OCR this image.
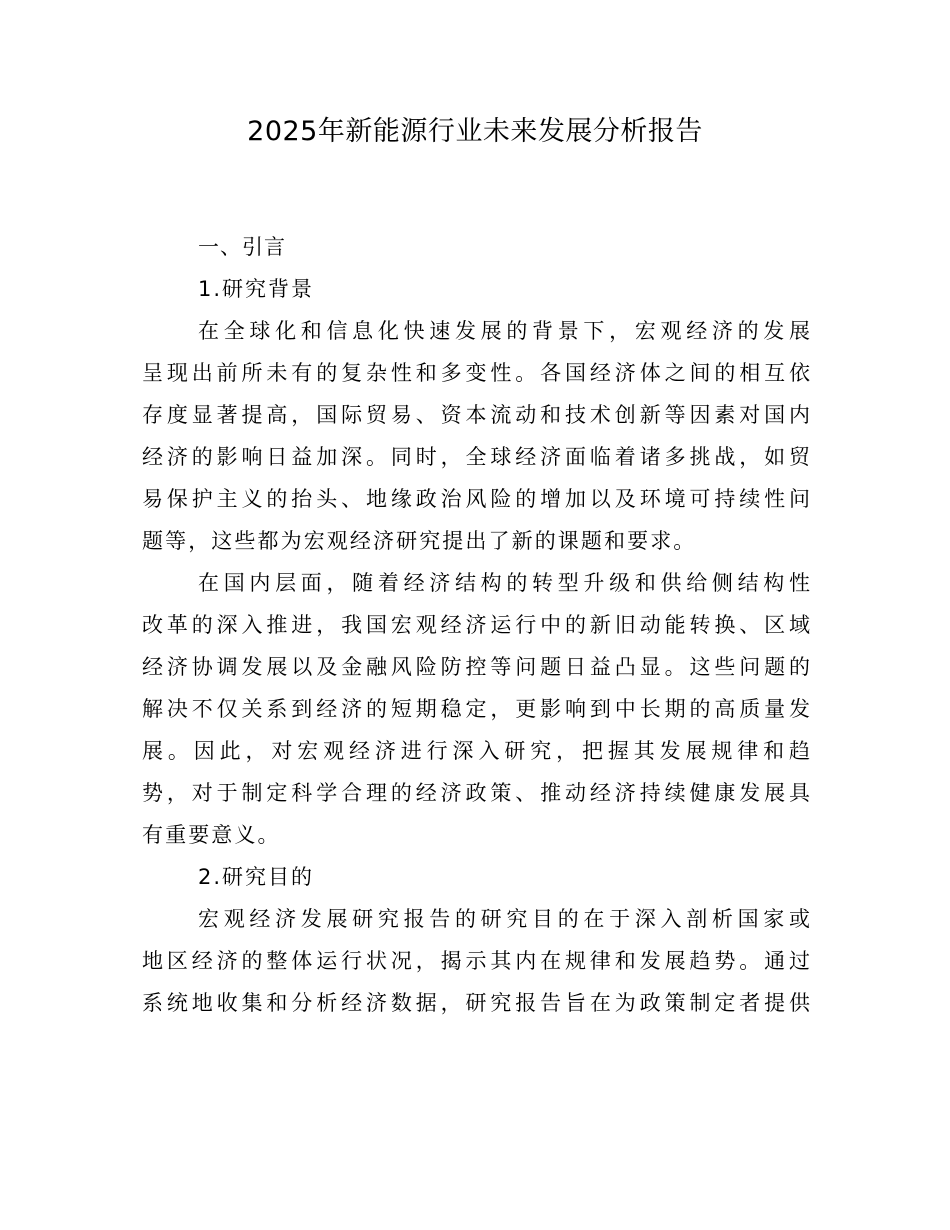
2025年新能源行业未来发展分析报告
一、引言
1.研究背景
在全球化和信息化快速发展的背景下，宏观经济的发展
呈现出前所未有的复杂性和多变性。各国经济体之间的相互依
存度显著提高，国际贸易、资本流动和技术创新等因素对国内
经济的影响日益加深。同时，全球经济面临着诸多挑战，如贸
易保护主义的抬头、地缘政治风险的增加以及环境可持续性问
题等，这些都为宏观经济研究提出了新的课题和要求。
在国内层面，随着经济结构的转型升级和供给侧结构性
改革的深入推进，我国宏观经济运行中的新旧动能转换、区域
经济协调发展以及金融风险防控等问题日益凸显。这些问题的
解决不仅关系到经济的短期稳定，更影响到中长期的高质量发
展。因此，对宏观经济进行深入研究，把握其发展规律和趋
势，对于制定科学合理的经济政策、推动经济持续健康发展具
有重要意义。
2.研究目的
宏观经济发展研究报告的研究目的在于深入剖析国家或
地区经济的整体运行状况，揭示其内在规律和发展趋势。通过
系统地收集和分析经济数据，研究报告旨在为政策制定者提供
